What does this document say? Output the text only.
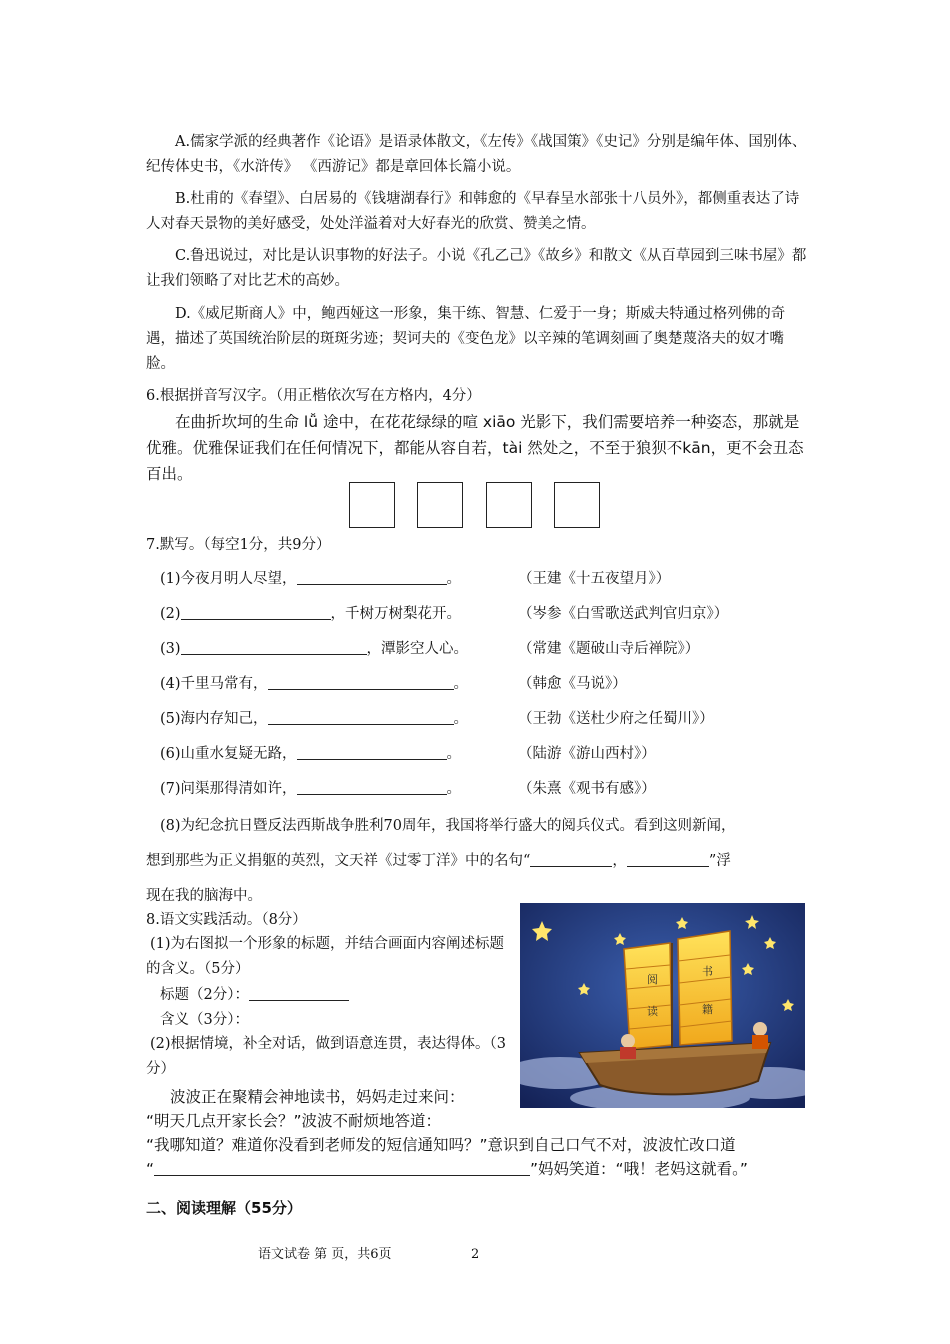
A.儒家学派的经典著作《论语》是语录体散文，《左传》《战国策》《史记》分别是编年体、国别体、纪传体史书，《水浒传》 《西游记》都是章回体长篇小说。
B.杜甫的《春望》、白居易的《钱塘湖春行》和韩愈的《早春呈水部张十八员外》，都侧重表达了诗人对春天景物的美好感受，处处洋溢着对大好春光的欣赏、赞美之情。
C.鲁迅说过，对比是认识事物的好法子。小说《孔乙己》《故乡》和散文《从百草园到三味书屋》都让我们领略了对比艺术的高妙。
D.《威尼斯商人》中，鲍西娅这一形象，集干练、智慧、仁爱于一身；斯威夫特通过格列佛的奇遇，描述了英国统治阶层的斑斑劣迹；契诃夫的《变色龙》以辛辣的笔调刻画了奥楚蔑洛夫的奴才嘴脸。
6.根据拼音写汉字。（用正楷依次写在方格内，4分）
在曲折坎坷的生命 lǚ 途中，在花花绿绿的喧 xiāo 光影下，我们需要培养一种姿态，那就是优雅。优雅保证我们在任何情况下，都能从容自若，tài 然处之，不至于狼狈不kān，更不会丑态百出。
7.默写。（每空1分，共9分）
(1)今夜月明人尽望，	。	（王建《十五夜望月》）
(2)	，千树万树梨花开。	（岑参《白雪歌送武判官归京》）
(3)	，潭影空人心。	（常建《题破山寺后禅院》）
(4)千里马常有，	。	（韩愈《马说》）
(5)海内存知己，	。	（王勃《送杜少府之任蜀川》）
(6)山重水复疑无路，	。	（陆游《游山西村》）
(7)问渠那得清如许，	。	（朱熹《观书有感》）
(8)为纪念抗日暨反法西斯战争胜利70周年，我国将举行盛大的阅兵仪式。看到这则新闻，
想到那些为正义捐躯的英烈，文天祥《过零丁洋》中的名句“	，	”浮
现在我的脑海中。
8.语文实践活动。（8分）
(1)为右图拟一个形象的标题，并结合画面内容阐述标题的含义。（5分）
标题（2分）：
含义（3分）：
(2)根据情境，补全对话，做到语意连贯，表达得体。（3分）
波波正在聚精会神地读书，妈妈走过来问：
“明天几点开家长会？”波波不耐烦地答道：
“我哪知道？难道你没看到老师发的短信通知吗？”意识到自己口气不对，波波忙改口道
“	”妈妈笑道：“哦！老妈这就看。”
阅
读
书
籍
二、阅读理解（55分）
语文试卷 第 页，共6页	2
